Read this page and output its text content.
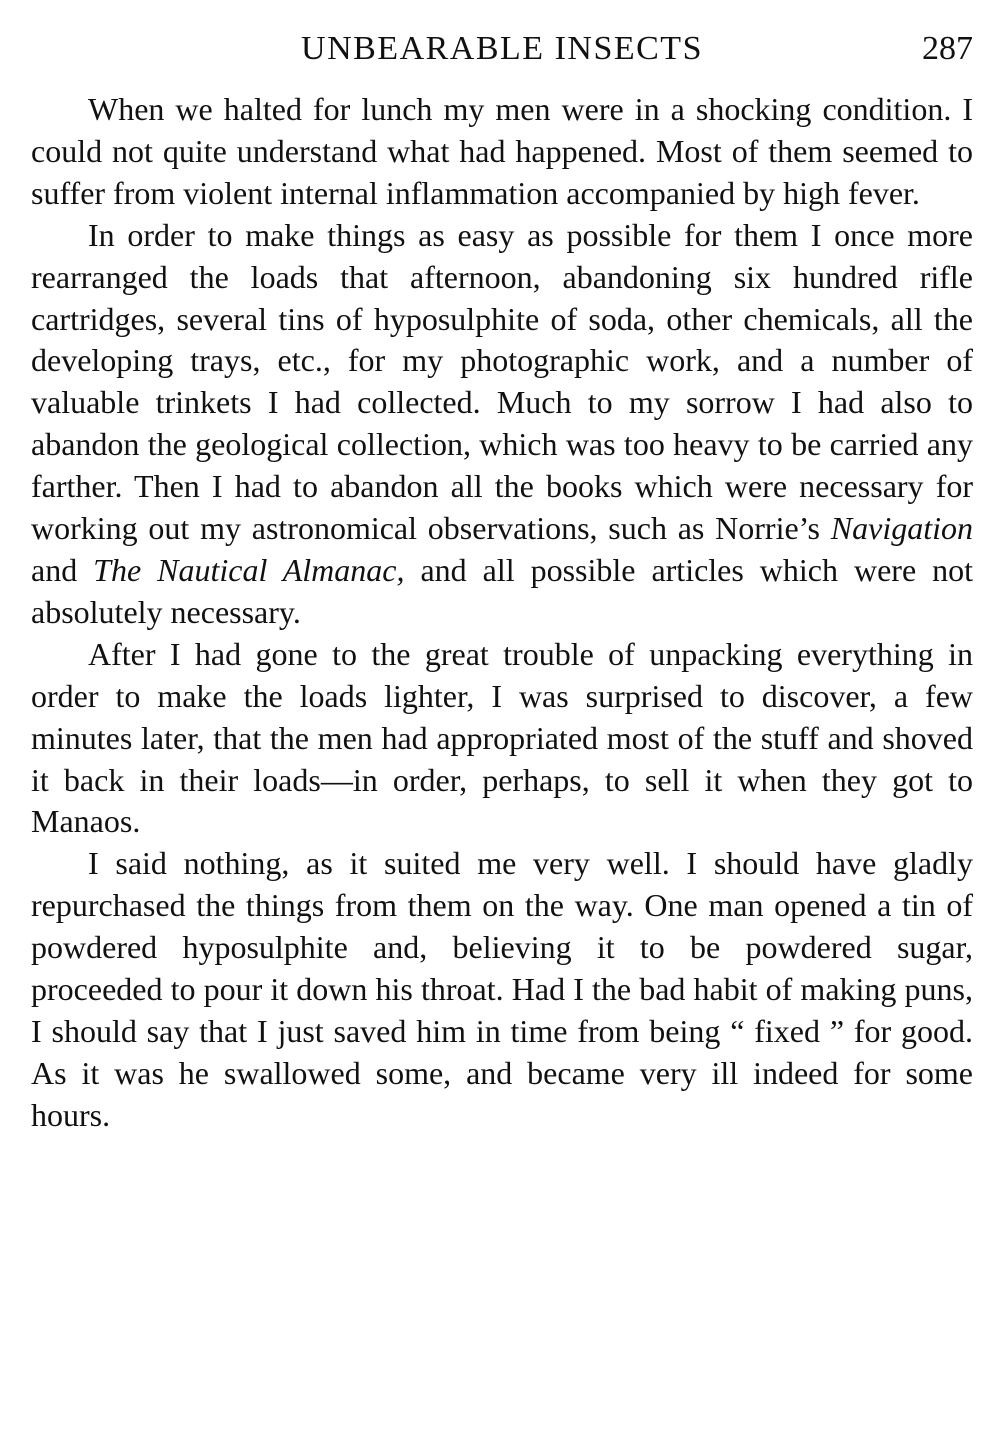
UNBEARABLE INSECTS	287

When we halted for lunch my men were in a shocking condition. I could not quite understand what had happened. Most of them seemed to suffer from violent internal inflammation accompanied by high fever.

In order to make things as easy as possible for them I once more rearranged the loads that afternoon, abandoning six hundred rifle cartridges, several tins of hyposulphite of soda, other chemicals, all the developing trays, etc., for my photographic work, and a number of valuable trinkets I had collected. Much to my sorrow I had also to abandon the geological collection, which was too heavy to be carried any farther. Then I had to abandon all the books which were necessary for working out my astronomical observations, such as Norrie’s Navigation and The Nautical Almanac, and all possible articles which were not absolutely necessary.

After I had gone to the great trouble of unpacking everything in order to make the loads lighter, I was surprised to discover, a few minutes later, that the men had appropriated most of the stuff and shoved it back in their loads—in order, perhaps, to sell it when they got to Manaos.

I said nothing, as it suited me very well. I should have gladly repurchased the things from them on the way. One man opened a tin of powdered hyposulphite and, believing it to be powdered sugar, proceeded to pour it down his throat. Had I the bad habit of making puns, I should say that I just saved him in time from being “ fixed ” for good. As it was he swallowed some, and became very ill indeed for some hours.
